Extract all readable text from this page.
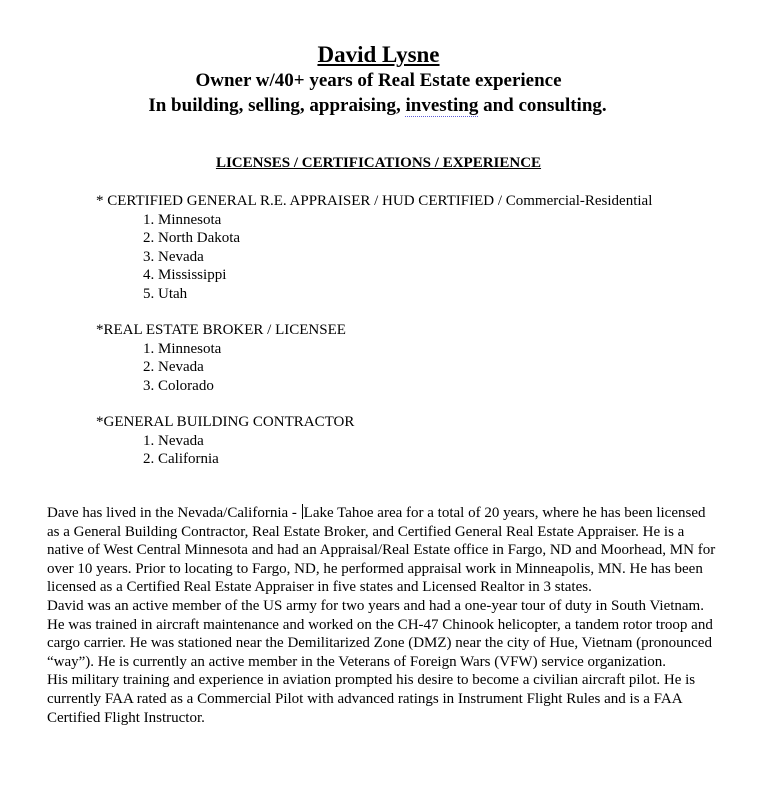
David Lysne
Owner w/40+ years of Real Estate experience
In building, selling, appraising, investing and consulting.
LICENSES / CERTIFICATIONS / EXPERIENCE
* CERTIFIED GENERAL R.E. APPRAISER / HUD CERTIFIED / Commercial-Residential
1. Minnesota
2. North Dakota
3. Nevada
4. Mississippi
5. Utah
*REAL ESTATE BROKER / LICENSEE
1. Minnesota
2. Nevada
3. Colorado
*GENERAL BUILDING CONTRACTOR
1. Nevada
2. California

Dave has lived in the Nevada/California - Lake Tahoe area for a total of 20 years, where he has been licensed as a General Building Contractor, Real Estate Broker, and Certified General Real Estate Appraiser. He is a native of West Central Minnesota and had an Appraisal/Real Estate office in Fargo, ND and Moorhead, MN for over 10 years. Prior to locating to Fargo, ND, he performed appraisal work in Minneapolis, MN. He has been licensed as a Certified Real Estate Appraiser in five states and Licensed Realtor in 3 states.

David was an active member of the US army for two years and had a one-year tour of duty in South Vietnam. He was trained in aircraft maintenance and worked on the CH-47 Chinook helicopter, a tandem rotor troop and cargo carrier. He was stationed near the Demilitarized Zone (DMZ) near the city of Hue, Vietnam (pronounced “way”). He is currently an active member in the Veterans of Foreign Wars (VFW) service organization.

His military training and experience in aviation prompted his desire to become a civilian aircraft pilot. He is currently FAA rated as a Commercial Pilot with advanced ratings in Instrument Flight Rules and is a FAA Certified Flight Instructor.
